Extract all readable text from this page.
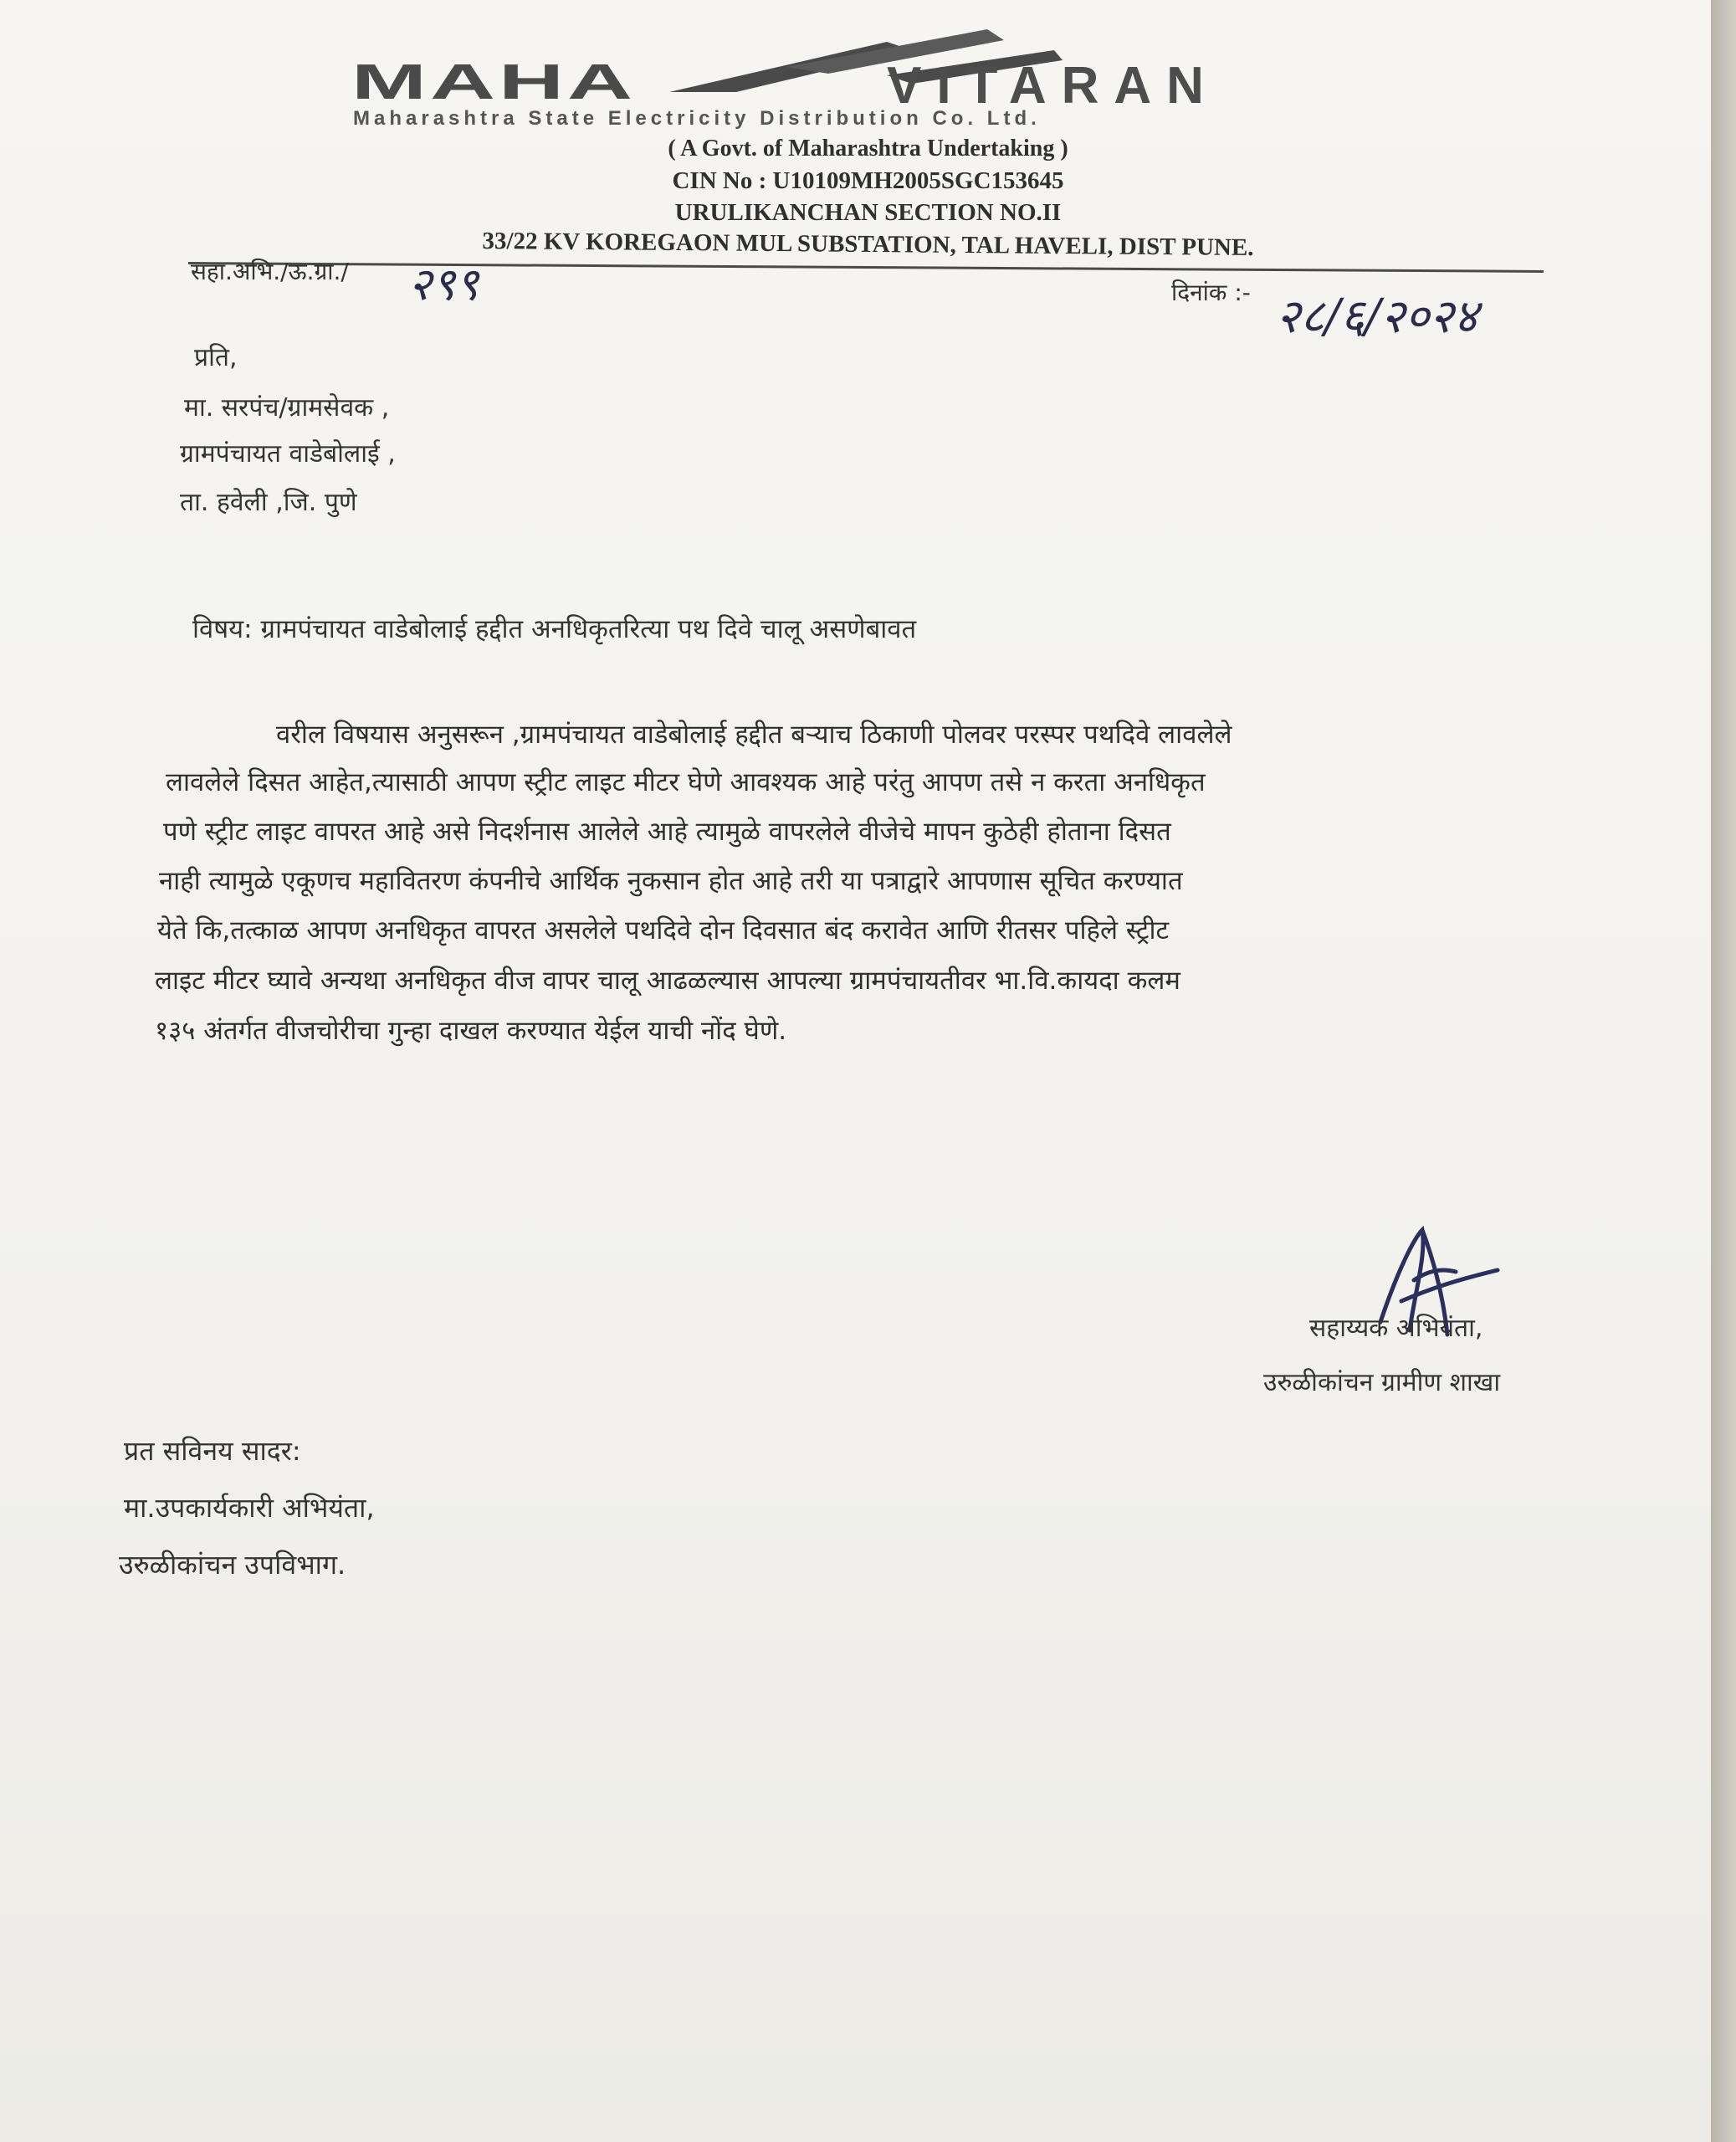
MAHA	VITARAN
Maharashtra State Electricity Distribution Co. Ltd.
( A Govt. of Maharashtra Undertaking )
CIN No : U10109MH2005SGC153645
URULIKANCHAN SECTION NO.II
33/22 KV KOREGAON MUL SUBSTATION, TAL HAVELI, DIST PUNE.
सहा.अभि./ऊ.ग्रा./ २९९	दिनांक :- २८/६/२०२४
प्रति,
मा. सरपंच/ग्रामसेवक ,
ग्रामपंचायत वाडेबोलाई ,
ता. हवेली ,जि. पुणे
विषय: ग्रामपंचायत वाडेबोलाई हद्दीत अनधिकृतरित्या पथ दिवे चालू असणेबावत
वरील विषयास अनुसरून ,ग्रामपंचायत वाडेबोलाई हद्दीत बऱ्याच ठिकाणी पोलवर परस्पर पथदिवे लावलेले
लावलेले दिसत आहेत,त्यासाठी आपण स्ट्रीट लाइट मीटर घेणे आवश्यक आहे परंतु आपण तसे न करता अनधिकृत
पणे स्ट्रीट लाइट वापरत आहे असे निदर्शनास आलेले आहे त्यामुळे वापरलेले वीजेचे मापन कुठेही होताना दिसत
नाही त्यामुळे एकूणच महावितरण कंपनीचे आर्थिक नुकसान होत आहे तरी या पत्राद्वारे आपणास सूचित करण्यात
येते कि,तत्काळ आपण अनधिकृत वापरत असलेले पथदिवे दोन दिवसात बंद करावेत आणि रीतसर पहिले स्ट्रीट
लाइट मीटर घ्यावे अन्यथा अनधिकृत वीज वापर चालू आढळल्यास आपल्या ग्रामपंचायतीवर भा.वि.कायदा कलम
१३५ अंतर्गत वीजचोरीचा गुन्हा दाखल करण्यात येईल याची नोंद घेणे.
सहाय्यक अभियंता,
उरुळीकांचन ग्रामीण शाखा
प्रत सविनय सादर:
मा.उपकार्यकारी अभियंता,
उरुळीकांचन उपविभाग.
